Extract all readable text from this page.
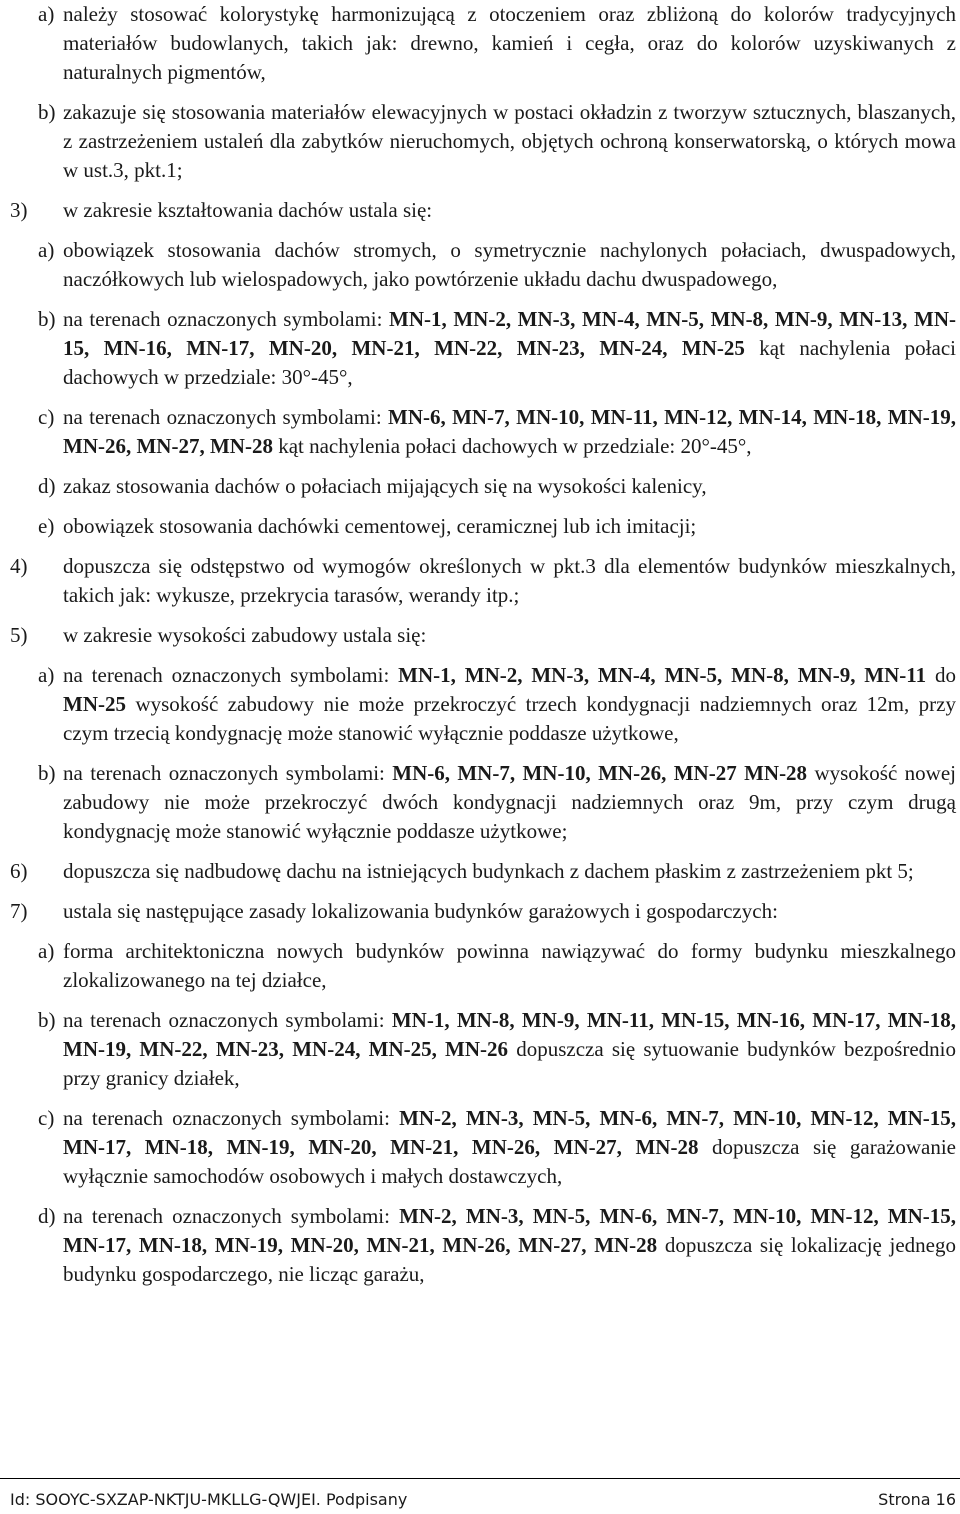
a) należy stosować kolorystykę harmonizującą z otoczeniem oraz zbliżoną do kolorów tradycyjnych materiałów budowlanych, takich jak: drewno, kamień i cegła, oraz do kolorów uzyskiwanych z naturalnych pigmentów,
b) zakazuje się stosowania materiałów elewacyjnych w postaci okładzin z tworzyw sztucznych, blaszanych, z zastrzeżeniem ustaleń dla zabytków nieruchomych, objętych ochroną konserwatorską, o których mowa w ust.3, pkt.1;
3) w zakresie kształtowania dachów ustala się:
a) obowiązek stosowania dachów stromych, o symetrycznie nachylonych połaciach, dwuspadowych, naczółkowych lub wielospadowych, jako powtórzenie układu dachu dwuspadowego,
b) na terenach oznaczonych symbolami: MN-1, MN-2, MN-3, MN-4, MN-5, MN-8, MN-9, MN-13, MN-15, MN-16, MN-17, MN-20, MN-21, MN-22, MN-23, MN-24, MN-25 kąt nachylenia połaci dachowych w przedziale: 30°-45°,
c) na terenach oznaczonych symbolami: MN-6, MN-7, MN-10, MN-11, MN-12, MN-14, MN-18, MN-19, MN-26, MN-27, MN-28 kąt nachylenia połaci dachowych w przedziale: 20°-45°,
d) zakaz stosowania dachów o połaciach mijających się na wysokości kalenicy,
e) obowiązek stosowania dachówki cementowej, ceramicznej lub ich imitacji;
4) dopuszcza się odstępstwo od wymogów określonych w pkt.3 dla elementów budynków mieszkalnych, takich jak: wykusze, przekrycia tarasów, werandy itp.;
5) w zakresie wysokości zabudowy ustala się:
a) na terenach oznaczonych symbolami: MN-1, MN-2, MN-3, MN-4, MN-5, MN-8, MN-9, MN-11 do MN-25 wysokość zabudowy nie może przekroczyć trzech kondygnacji nadziemnych oraz 12m, przy czym trzecią kondygnację może stanowić wyłącznie poddasze użytkowe,
b) na terenach oznaczonych symbolami: MN-6, MN-7, MN-10, MN-26, MN-27 MN-28 wysokość nowej zabudowy nie może przekroczyć dwóch kondygnacji nadziemnych oraz 9m, przy czym drugą kondygnację może stanowić wyłącznie poddasze użytkowe;
6) dopuszcza się nadbudowę dachu na istniejących budynkach z dachem płaskim z zastrzeżeniem pkt 5;
7) ustala się następujące zasady lokalizowania budynków garażowych i gospodarczych:
a) forma architektoniczna nowych budynków powinna nawiązywać do formy budynku mieszkalnego zlokalizowanego na tej działce,
b) na terenach oznaczonych symbolami: MN-1, MN-8, MN-9, MN-11, MN-15, MN-16, MN-17, MN-18, MN-19, MN-22, MN-23, MN-24, MN-25, MN-26 dopuszcza się sytuowanie budynków bezpośrednio przy granicy działek,
c) na terenach oznaczonych symbolami: MN-2, MN-3, MN-5, MN-6, MN-7, MN-10, MN-12, MN-15, MN-17, MN-18, MN-19, MN-20, MN-21, MN-26, MN-27, MN-28 dopuszcza się garażowanie wyłącznie samochodów osobowych i małych dostawczych,
d) na terenach oznaczonych symbolami: MN-2, MN-3, MN-5, MN-6, MN-7, MN-10, MN-12, MN-15, MN-17, MN-18, MN-19, MN-20, MN-21, MN-26, MN-27, MN-28 dopuszcza się lokalizację jednego budynku gospodarczego, nie licząc garażu,
Id: SOOYC-SXZAP-NKTJU-MKLLG-QWJEI. Podpisany	Strona 16
